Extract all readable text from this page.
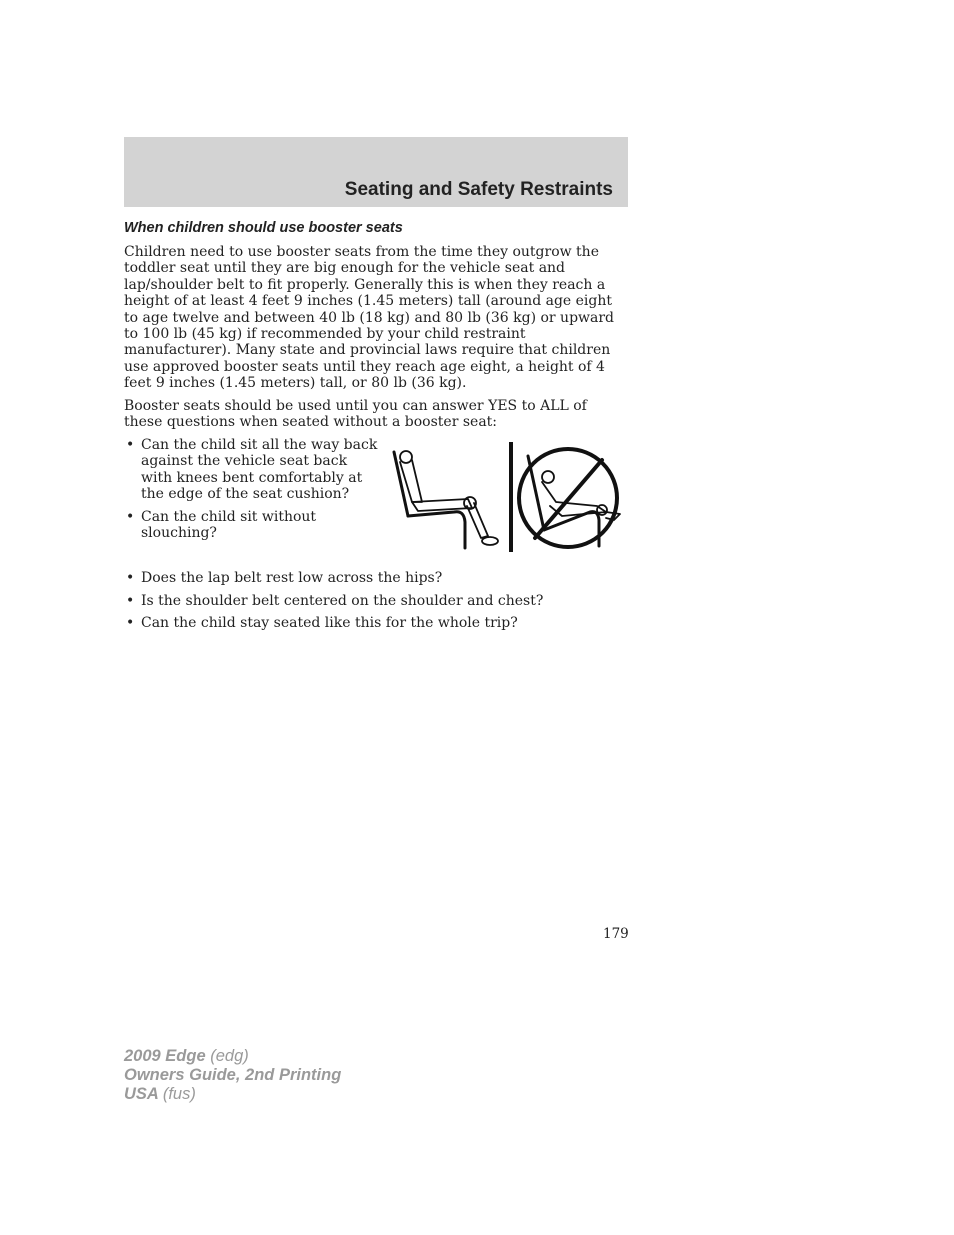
Seating and Safety Restraints
When children should use booster seats
Children need to use booster seats from the time they outgrow the toddler seat until they are big enough for the vehicle seat and lap/shoulder belt to fit properly. Generally this is when they reach a height of at least 4 feet 9 inches (1.45 meters) tall (around age eight to age twelve and between 40 lb (18 kg) and 80 lb (36 kg) or upward to 100 lb (45 kg) if recommended by your child restraint manufacturer). Many state and provincial laws require that children use approved booster seats until they reach age eight, a height of 4 feet 9 inches (1.45 meters) tall, or 80 lb (36 kg).
Booster seats should be used until you can answer YES to ALL of these questions when seated without a booster seat:
• Can the child sit all the way back against the vehicle seat back with knees bent comfortably at the edge of the seat cushion?
• Can the child sit without slouching?
• Does the lap belt rest low across the hips?
• Is the shoulder belt centered on the shoulder and chest?
• Can the child stay seated like this for the whole trip?
179
2009 Edge (edg)
Owners Guide, 2nd Printing
USA (fus)
